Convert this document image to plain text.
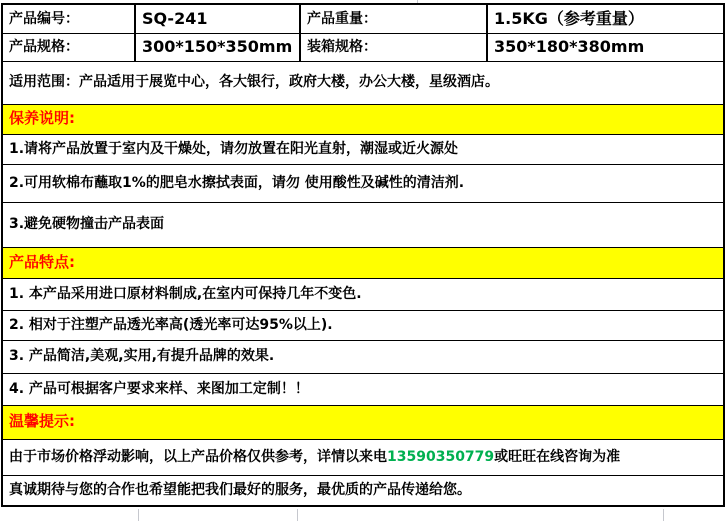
产品编号：	SQ-241	产品重量：	1.5KG（参考重量）
产品规格：	300*150*350mm	装箱规格：	350*180*380mm
适用范围：产品适用于展览中心，各大银行，政府大楼，办公大楼，星级酒店。			
保养说明:			
1.请将产品放置于室内及干燥处，请勿放置在阳光直射，潮湿或近火源处			
2.可用软棉布蘸取1%的肥皂水擦拭表面，请勿 使用酸性及碱性的清洁剂.			
3.避免硬物撞击产品表面			
产品特点:			
1. 本产品采用进口原材料制成,在室内可保持几年不变色.			
2. 相对于注塑产品透光率高(透光率可达95%以上).			
3. 产品简洁,美观,实用,有提升品牌的效果.			
4. 产品可根据客户要求来样、来图加工定制！！			
温馨提示:			
由于市场价格浮动影响，以上产品价格仅供参考，详情以来电13590350779或旺旺在线咨询为准			
真诚期待与您的合作也希望能把我们最好的服务，最优质的产品传递给您。			
